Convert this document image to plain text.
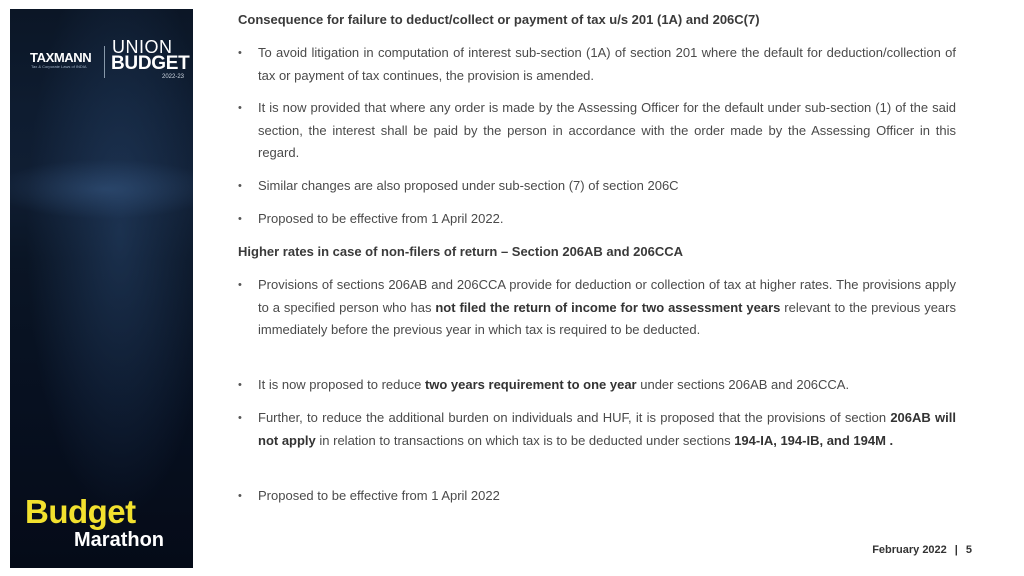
TAXMANN
Tax & Corporate Laws of INDIA
UNION
BUDGET
2022-23
Budget
Marathon
Consequence for failure to deduct/collect or payment of tax u/s 201 (1A) and 206C(7)
•	To avoid litigation in computation of interest sub-section (1A) of section 201 where the default for deduction/collection of tax or payment of tax continues, the provision is amended.
•	It is now provided that where any order is made by the Assessing Officer for the default under sub-section (1) of the said section, the interest shall be paid by the person in accordance with the order made by the Assessing Officer in this regard.
•	Similar changes are also proposed under sub-section (7) of section 206C
•	Proposed to be effective from 1 April 2022.
Higher rates in case of non-filers of return – Section 206AB and 206CCA
•	Provisions of sections 206AB and 206CCA provide for deduction or collection of tax at higher rates. The provisions apply to a specified person who has not filed the return of income for two assessment years relevant to the previous years immediately before the previous year in which tax is required to be deducted.
•	It is now proposed to reduce two years requirement to one year under sections 206AB and 206CCA.
•	Further, to reduce the additional burden on individuals and HUF, it is proposed that the provisions of section 206AB will not apply in relation to transactions on which tax is to be deducted under sections 194-IA, 194-IB, and 194M .
•	Proposed to be effective from 1 April 2022
February 2022 | 5
